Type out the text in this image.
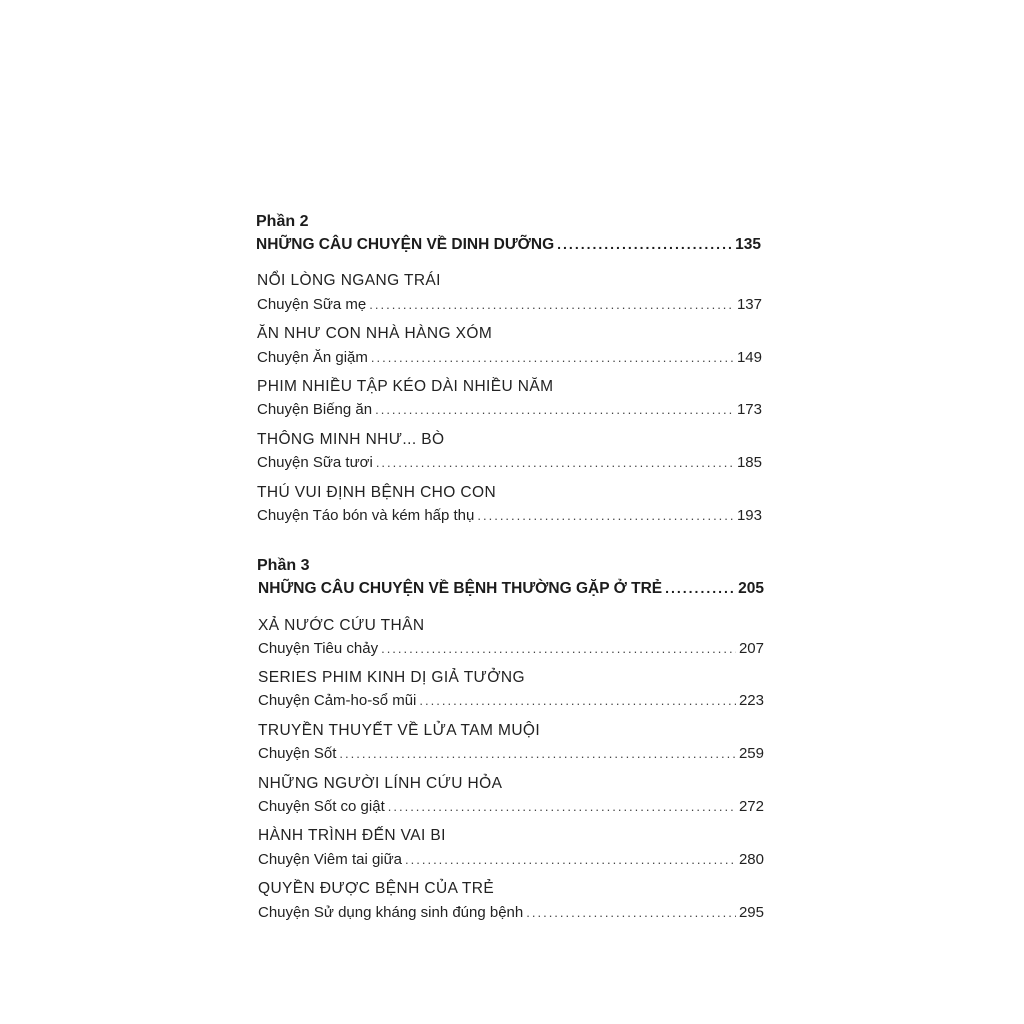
Phần 2
NHỮNG CÂU CHUYỆN VỀ DINH DƯỠNG .....	135
NỔI LÒNG NGANG TRÁI
Chuyện Sữa mẹ .....	137
ĂN NHƯ CON NHÀ HÀNG XÓM
Chuyện Ăn giặm .....	149
PHIM NHIỀU TẬP KÉO DÀI NHIỀU NĂM
Chuyện Biếng ăn .....	173
THÔNG MINH NHƯ... BÒ
Chuyện Sữa tươi .....	185
THÚ VUI ĐỊNH BỆNH CHO CON
Chuyện Táo bón và kém hấp thụ .....	193
Phần 3
NHỮNG CÂU CHUYỆN VỀ BỆNH THƯỜNG GẶP Ở TRẺ .....	205
XẢ NƯỚC CỨU THÂN
Chuyện Tiêu chảy .....	207
SERIES PHIM KINH DỊ GIẢ TƯỞNG
Chuyện Cảm-ho-sổ mũi .....	223
TRUYỀN THUYẾT VỀ LỬA TAM MUỘI
Chuyện Sốt .....	259
NHỮNG NGƯỜI LÍNH CỨU HỎA
Chuyện Sốt co giật .....	272
HÀNH TRÌNH ĐẾN VAI BI
Chuyện Viêm tai giữa .....	280
QUYỀN ĐƯỢC BỆNH CỦA TRẺ
Chuyện Sử dụng kháng sinh đúng bệnh .....	295
